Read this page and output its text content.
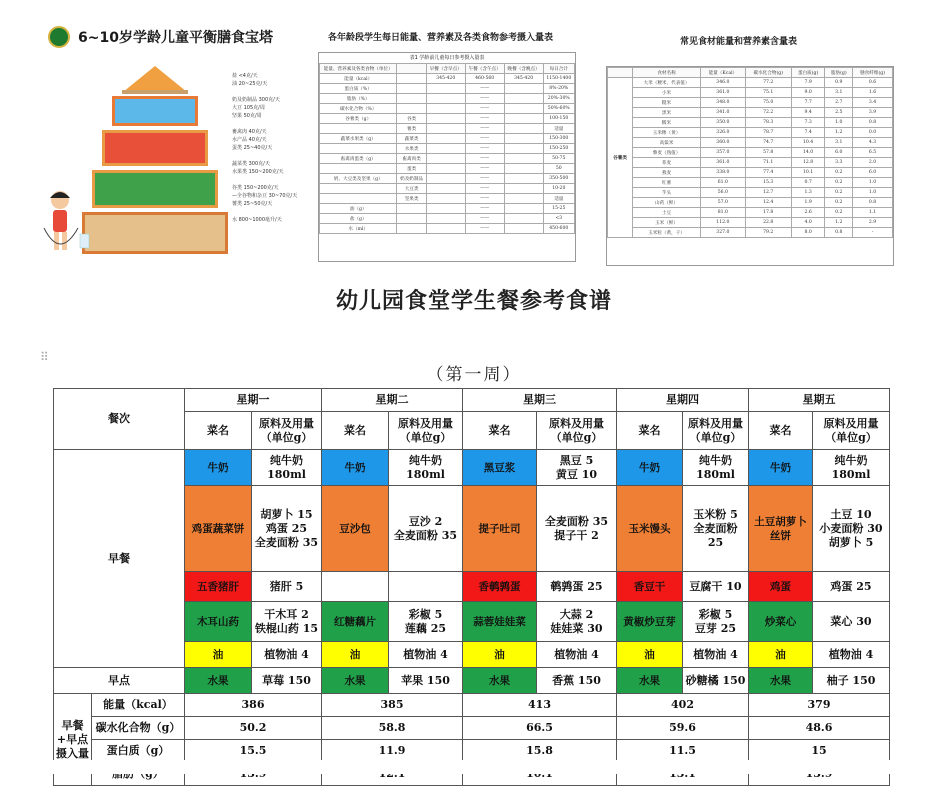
6~10岁学龄儿童平衡膳食宝塔
盐 <4克/天
油 20~25克/天
奶及奶制品 300克/天
大豆 105克/周
坚果 50克/周
畜禽肉 40克/天
水产品 40克/天
蛋类 25~40克/天
蔬菜类 300克/天
水果类 150~200克/天
谷类 150~200克/天
—全谷物和杂豆 30~70克/天
薯类 25~50克/天
水 800~1000毫升/天
各年龄段学生每日能量、营养素及各类食物参考摄入量表
表1 学龄前儿童每日参考摄入量表
能量、营养素及各类食物（单位）		早餐（含早点）	午餐（含午点）	晚餐（含晚点）	每日合计
能量（kcal）		345-420	460-560	345-420	1150-1400
蛋白质（%）			——		8%-20%
脂肪（%）			——		20%-30%
碳水化合物（%）			——		50%-60%
谷薯类（g）	谷类		——		100-150
	薯类		——		适量
蔬菜水果类（g）	蔬菜类		——		150-300
	水果类		——		150-250
畜禽肉蛋类（g）	畜禽肉类		——		50-75
	蛋类		——		50
奶、大豆类及坚果（g）	奶及奶制品		——		350-500
	大豆类		——		10-20
	坚果类		——		适量
油（g）			——		15-25
盐（g）			——		<3
水（ml）			——		450-600
常见食材能量和营养素含量表
	食材名称	能量（Kcal）	碳水化合物(g)	蛋白质(g)	脂肪(g)	膳食纤维(g)
谷薯类	大米（粳米，代表值）	346.0	77.2	7.9	0.9	0.6
	小米	361.0	75.1	9.0	3.1	1.6
	糙米	348.0	75.0	7.7	2.7	3.4
	黑米	341.0	72.2	9.4	2.5	3.9
	糯米	350.0	78.3	7.3	1.0	0.8
	玉米糁（黄）	326.0	78.7	7.4	1.2	0.0
	高粱米	360.0	74.7	10.4	3.1	4.3
	藜麦（熟值）	357.0	57.8	14.0	6.0	6.5
	荞麦	361.0	71.1	12.8	3.3	2.0
	燕麦	338.0	77.4	10.1	0.2	6.0
	红薯	61.0	15.3	0.7	0.2	1.0
	芋头	56.0	12.7	1.3	0.2	1.0
	山药（鲜）	57.0	12.4	1.9	0.2	0.8
	土豆	81.0	17.8	2.6	0.2	1.1
	玉米（鲜）	112.0	22.8	4.0	1.2	2.9
	玉米粒（黄，干）	327.0	79.2	8.0	0.8	-
幼儿园食堂学生餐参考食谱
⠿
（第一周）
餐次		星期一		星期二		星期三		星期四		星期五	
		菜名	原料及用量（单位g）	菜名	原料及用量（单位g）	菜名	原料及用量（单位g）	菜名	原料及用量（单位g）	菜名	原料及用量（单位g）
早餐		牛奶	纯牛奶 180ml	牛奶	纯牛奶 180ml	黑豆浆	黑豆 5
黄豆 10	牛奶	纯牛奶 180ml	牛奶	纯牛奶 180ml
		鸡蛋蔬菜饼	胡萝卜 15
鸡蛋 25
全麦面粉 35	豆沙包	豆沙 2
全麦面粉 35	提子吐司	全麦面粉 35
提子干 2	玉米馒头	玉米粉 5
全麦面粉 25	土豆胡萝卜丝饼	土豆 10
小麦面粉 30
胡萝卜 5
		五香猪肝	猪肝 5			香鹌鹑蛋	鹌鹑蛋 25	香豆干	豆腐干 10	鸡蛋	鸡蛋 25
		木耳山药	干木耳 2
铁棍山药 15	红糖藕片	彩椒 5
莲藕 25	蒜蓉娃娃菜	大蒜 2
娃娃菜 30	黄椒炒豆芽	彩椒 5
豆芽 25	炒菜心	菜心 30
		油	植物油 4	油	植物油 4	油	植物油 4	油	植物油 4	油	植物油 4
早点		水果	草莓 150	水果	苹果 150	水果	香蕉 150	水果	砂糖橘 150	水果	柚子 150
早餐+早点摄入量	能量（kcal）	386		385		413		402		379	
	碳水化合物（g）	50.2		58.8		66.5		59.6		48.6	
	蛋白质（g）	15.5		11.9		15.8		11.5		15	
